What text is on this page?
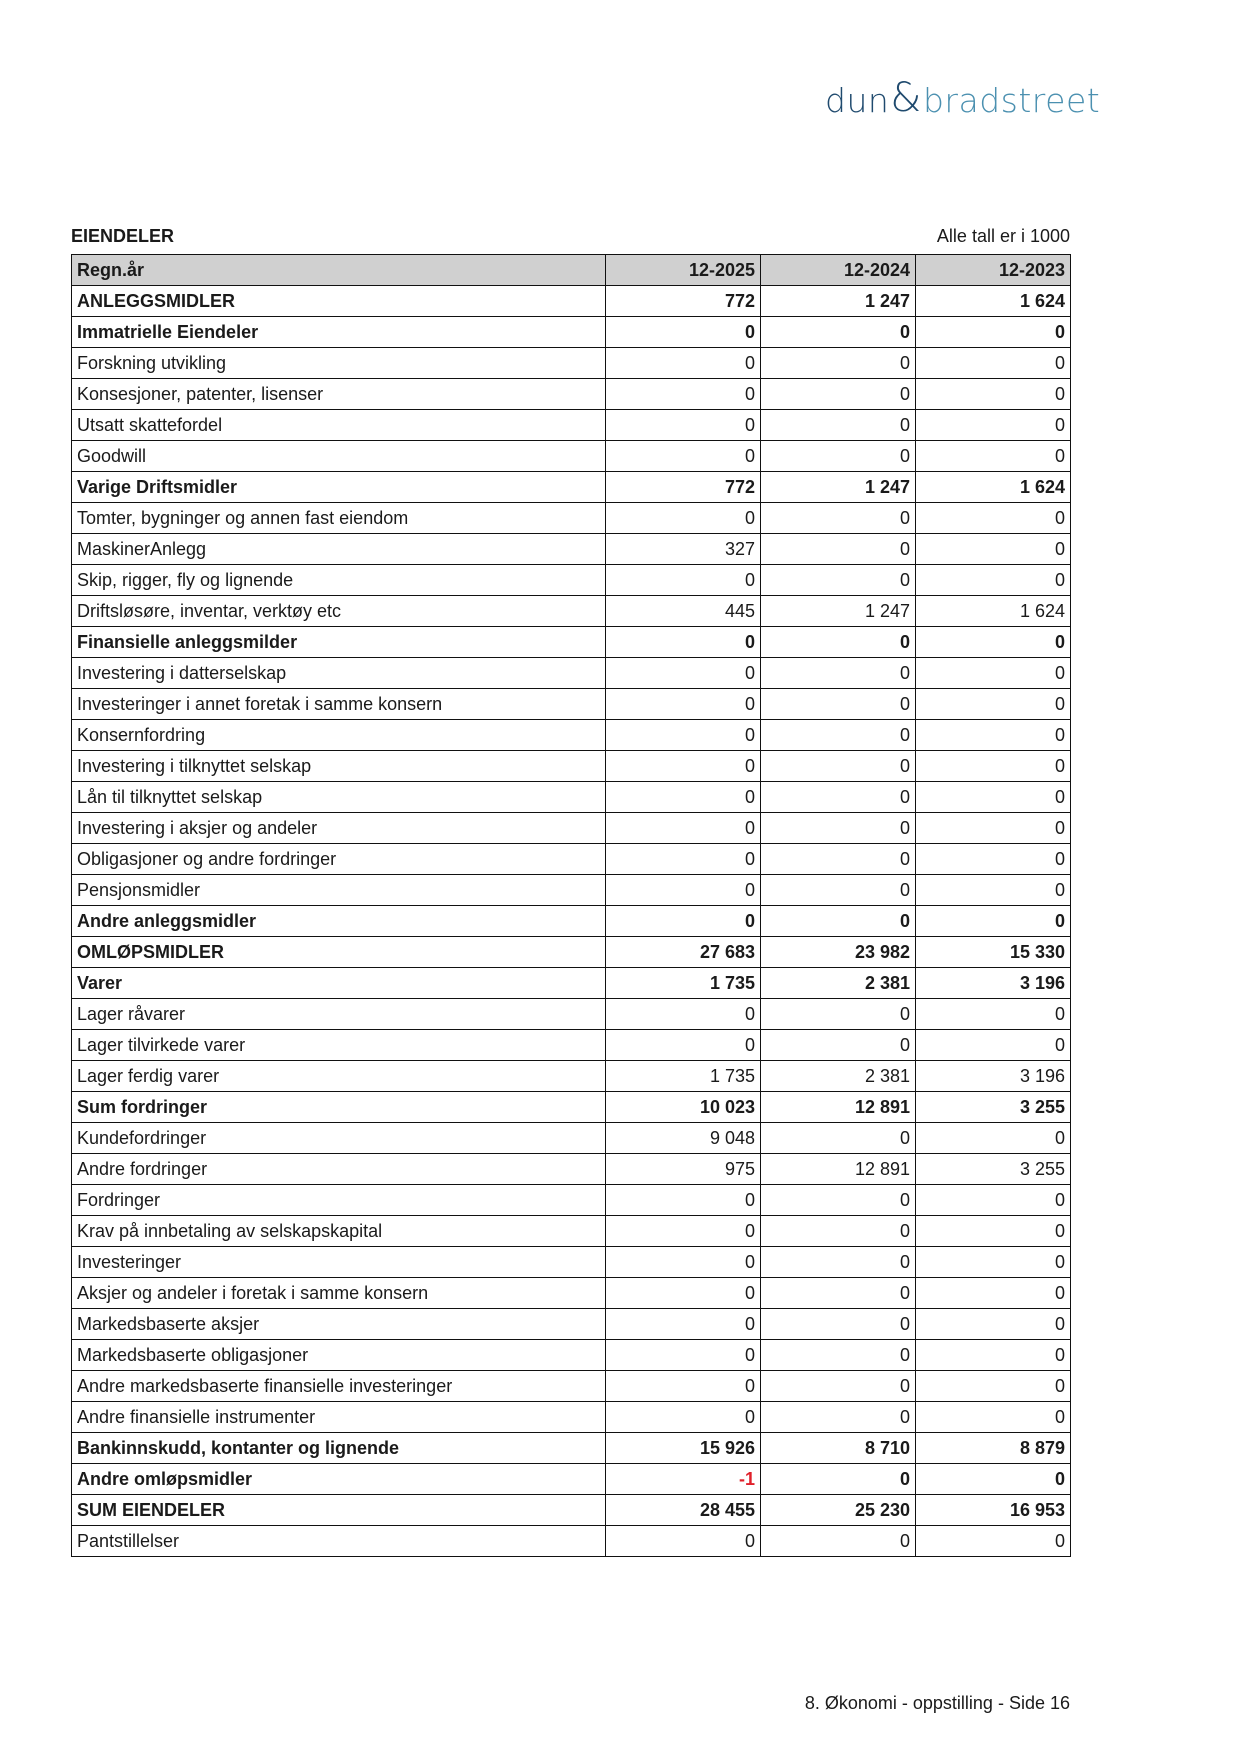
dun & bradstreet
EIENDELER	Alle tall er i 1000
Regn.år	12-2025	12-2024	12-2023
ANLEGGSMIDLER	772	1 247	1 624
Immatrielle Eiendeler	0	0	0
Forskning utvikling	0	0	0
Konsesjoner, patenter, lisenser	0	0	0
Utsatt skattefordel	0	0	0
Goodwill	0	0	0
Varige Driftsmidler	772	1 247	1 624
Tomter, bygninger og annen fast eiendom	0	0	0
MaskinerAnlegg	327	0	0
Skip, rigger, fly og lignende	0	0	0
Driftsløsøre, inventar, verktøy etc	445	1 247	1 624
Finansielle anleggsmilder	0	0	0
Investering i datterselskap	0	0	0
Investeringer i annet foretak i samme konsern	0	0	0
Konsernfordring	0	0	0
Investering i tilknyttet selskap	0	0	0
Lån til tilknyttet selskap	0	0	0
Investering i aksjer og andeler	0	0	0
Obligasjoner og andre fordringer	0	0	0
Pensjonsmidler	0	0	0
Andre anleggsmidler	0	0	0
OMLØPSMIDLER	27 683	23 982	15 330
Varer	1 735	2 381	3 196
Lager råvarer	0	0	0
Lager tilvirkede varer	0	0	0
Lager ferdig varer	1 735	2 381	3 196
Sum fordringer	10 023	12 891	3 255
Kundefordringer	9 048	0	0
Andre fordringer	975	12 891	3 255
Fordringer	0	0	0
Krav på innbetaling av selskapskapital	0	0	0
Investeringer	0	0	0
Aksjer og andeler i foretak i samme konsern	0	0	0
Markedsbaserte aksjer	0	0	0
Markedsbaserte obligasjoner	0	0	0
Andre markedsbaserte finansielle investeringer	0	0	0
Andre finansielle instrumenter	0	0	0
Bankinnskudd, kontanter og lignende	15 926	8 710	8 879
Andre omløpsmidler	-1	0	0
SUM EIENDELER	28 455	25 230	16 953
Pantstillelser	0	0	0
8. Økonomi - oppstilling - Side 16
